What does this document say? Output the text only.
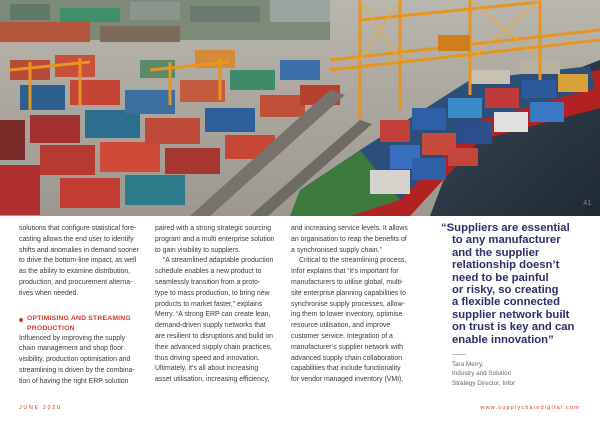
41

solutions that configure statistical fore-
casting allows the end user to identify
shifts and anomalies in demand sooner
to drive the bottom-line impact, as well
as the ability to examine distribution,
production, and procurement alterna-
tives when needed.

OPTIMISING AND STREAMING
PRODUCTION

Influenced by improving the supply
chain management and shop floor
visibility, production optimisation and
streamlining is driven by the combina-
tion of having the right ERP solution

paired with a strong strategic sourcing
program and a multi enterprise solution
to gain visibility to suppliers.

“A streamlined adaptable production
schedule enables a new product to
seamlessly transition from a proto-
type to mass production, to bring new
products to market faster,” explains
Merry. “A strong ERP can create lean,
demand-driven supply networks that
are resilient to disruptions and build on
their advanced supply chain practices,
thus driving speed and innovation.
Ultimately, it’s all about increasing
asset utilisation, increasing efficiency,

and increasing service levels. It allows
an organisation to reap the benefits of
a synchronised supply chain.”

Critical to the streamlining process,
Infor explains that “it’s important for
manufacturers to utilise global, multi-
site enterprise planning capabilities to
synchronise supply processes, allow-
ing them to lower inventory, optimise
resource utilisation, and improve
customer service. Integration of a
manufacturer’s supplier network with
advanced supply chain collaboration
capabilities that include functionality
for vendor managed inventory (VMI),

“Suppliers are essential
to any manufacturer
and the supplier
relationship doesn’t
need to be painful
or risky, so creating
a flexible connected
supplier network built
on trust is key and can
enable innovation”
Tara Merry,
Industry and Solution
Strategy Director, Infor
JUNE 2020	www.supplychaindigital.com
